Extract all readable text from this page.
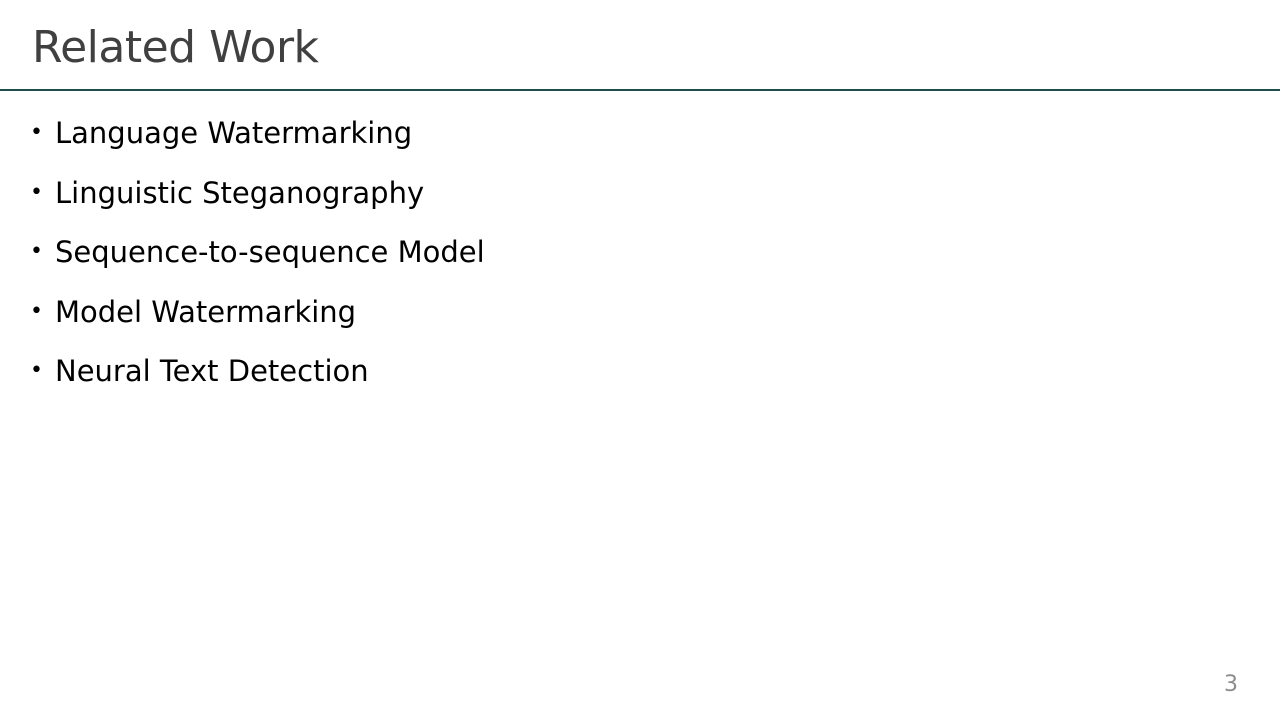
Related Work
• Language Watermarking
• Linguistic Steganography
• Sequence-to-sequence Model
• Model Watermarking
• Neural Text Detection
3
